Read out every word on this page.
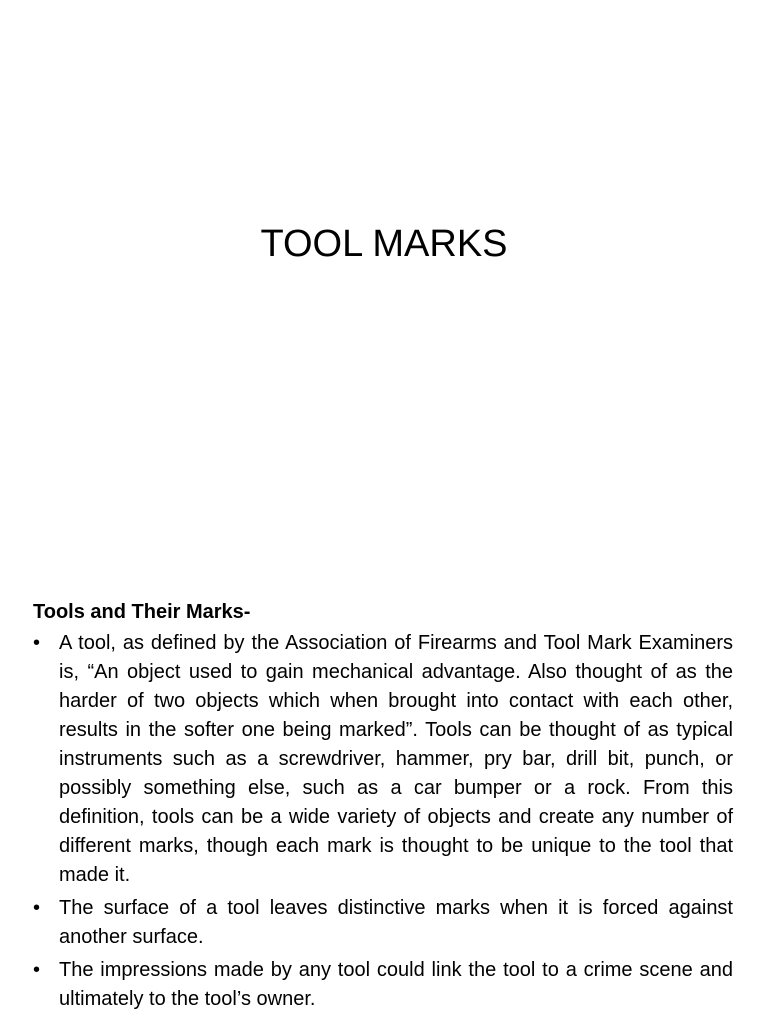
TOOL MARKS

Tools and Their Marks-

• A tool, as defined by the Association of Firearms and Tool Mark Examiners is, “An object used to gain mechanical advantage. Also thought of as the harder of two objects which when brought into contact with each other, results in the softer one being marked”. Tools can be thought of as typical instruments such as a screwdriver, hammer, pry bar, drill bit, punch, or possibly something else, such as a car bumper or a rock. From this definition, tools can be a wide variety of objects and create any number of different marks, though each mark is thought to be unique to the tool that made it.
• The surface of a tool leaves distinctive marks when it is forced against another surface.
• The impressions made by any tool could link the tool to a crime scene and ultimately to the tool’s owner.
